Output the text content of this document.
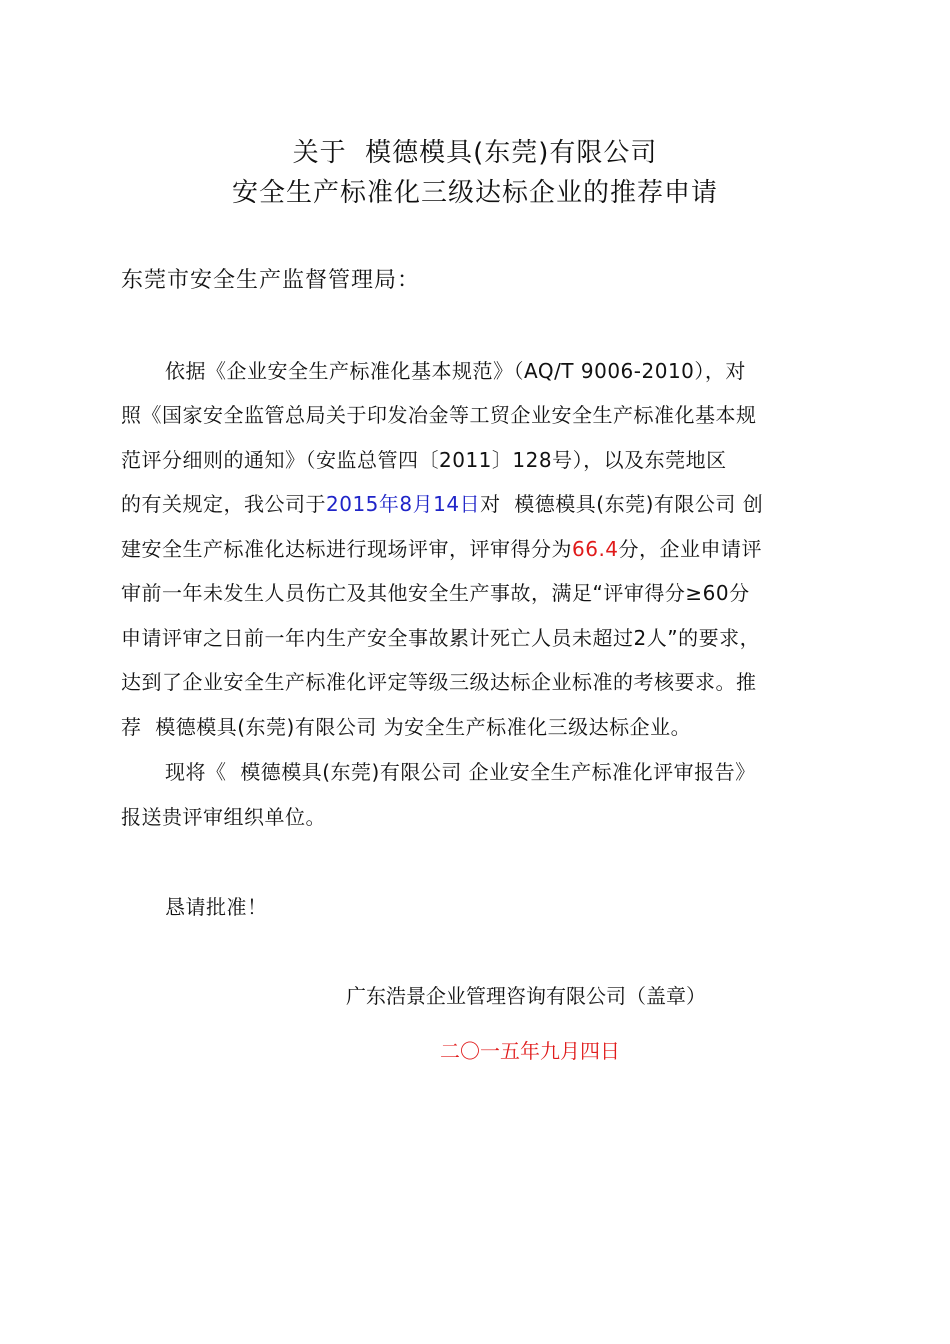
关于  模德模具(东莞)有限公司
安全生产标准化三级达标企业的推荐申请
东莞市安全生产监督管理局：
依据《企业安全生产标准化基本规范》（AQ/T 9006-2010），对
照《国家安全监管总局关于印发冶金等工贸企业安全生产标准化基本规
范评分细则的通知》（安监总管四〔2011〕128号），以及东莞地区
的有关规定，我公司于2015年8月14日对  模德模具(东莞)有限公司 创
建安全生产标准化达标进行现场评审，评审得分为66.4分，企业申请评
审前一年未发生人员伤亡及其他安全生产事故，满足“评审得分≥60分
申请评审之日前一年内生产安全事故累计死亡人员未超过2人”的要求，
达到了企业安全生产标准化评定等级三级达标企业标准的考核要求。推
荐  模德模具(东莞)有限公司 为安全生产标准化三级达标企业。
现将《  模德模具(东莞)有限公司 企业安全生产标准化评审报告》
报送贵评审组织单位。
恳请批准！
广东浩景企业管理咨询有限公司（盖章）
二〇一五年九月四日
